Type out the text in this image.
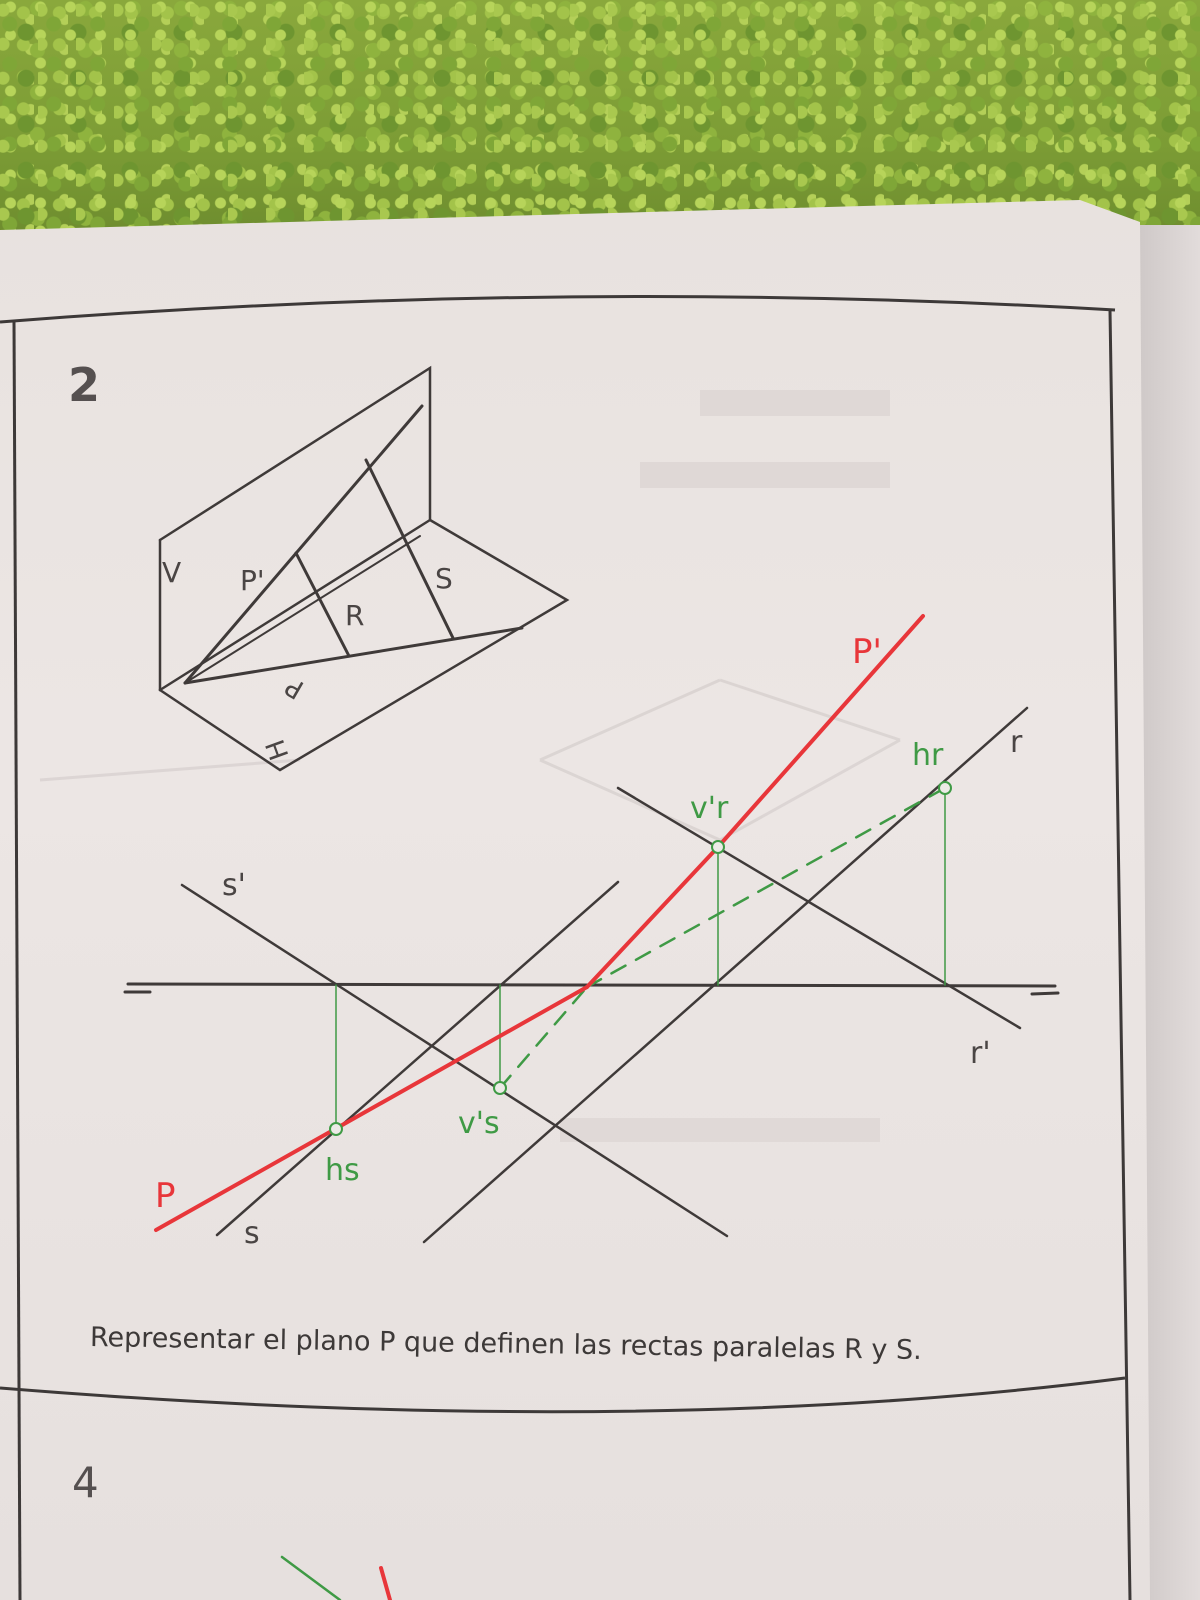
V P'
R
S
P
H
P'
P
s'
s
r
r'
hr
v'r
v's
hs
2
Representar el plano P que definen las rectas paralelas R y S.
4
